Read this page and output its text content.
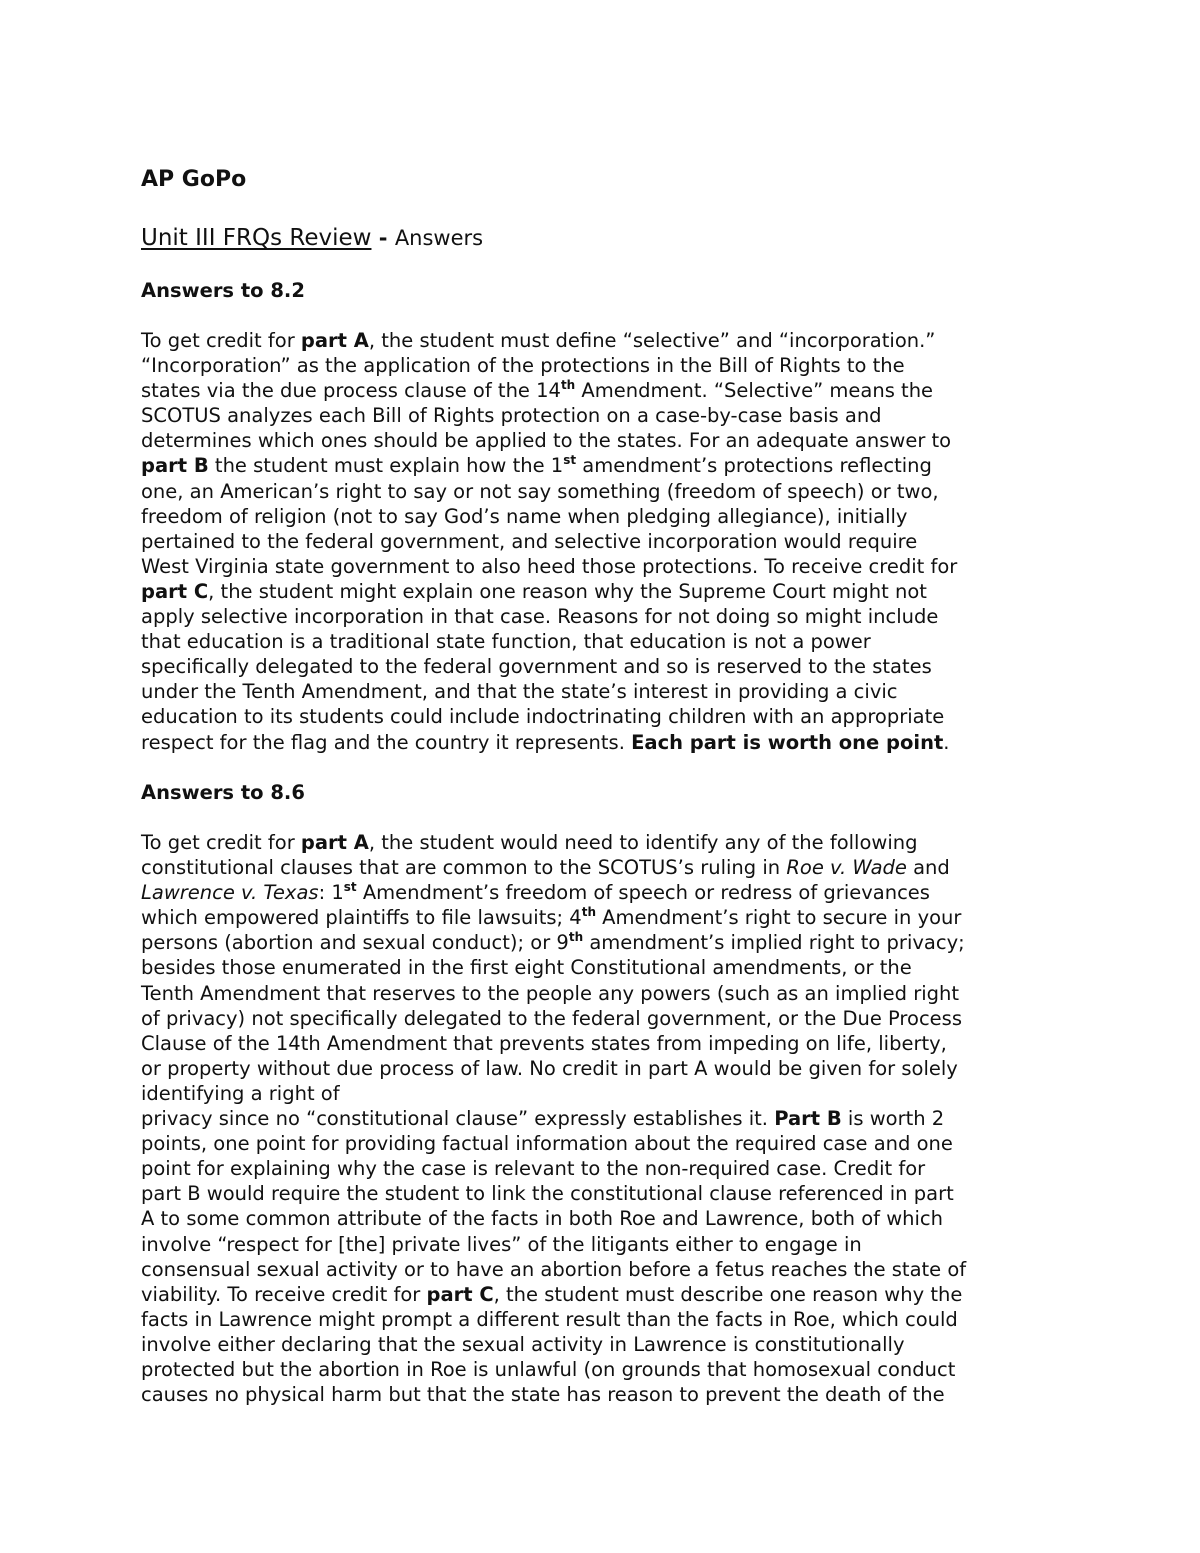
AP GoPo
Unit III FRQs Review - Answers
Answers to 8.2
To get credit for part A, the student must define “selective” and “incorporation.”
“Incorporation” as the application of the protections in the Bill of Rights to the
states via the due process clause of the 14th Amendment. “Selective” means the
SCOTUS analyzes each Bill of Rights protection on a case-by-case basis and
determines which ones should be applied to the states. For an adequate answer to
part B the student must explain how the 1st amendment’s protections reflecting
one, an American’s right to say or not say something (freedom of speech) or two,
freedom of religion (not to say God’s name when pledging allegiance), initially
pertained to the federal government, and selective incorporation would require
West Virginia state government to also heed those protections. To receive credit for
part C, the student might explain one reason why the Supreme Court might not
apply selective incorporation in that case. Reasons for not doing so might include
that education is a traditional state function, that education is not a power
specifically delegated to the federal government and so is reserved to the states
under the Tenth Amendment, and that the state’s interest in providing a civic
education to its students could include indoctrinating children with an appropriate
respect for the flag and the country it represents. Each part is worth one point.
Answers to 8.6
To get credit for part A, the student would need to identify any of the following
constitutional clauses that are common to the SCOTUS’s ruling in Roe v. Wade and
Lawrence v. Texas: 1st Amendment’s freedom of speech or redress of grievances
which empowered plaintiffs to file lawsuits; 4th Amendment’s right to secure in your
persons (abortion and sexual conduct); or 9th amendment’s implied right to privacy;
besides those enumerated in the first eight Constitutional amendments, or the
Tenth Amendment that reserves to the people any powers (such as an implied right
of privacy) not specifically delegated to the federal government, or the Due Process
Clause of the 14th Amendment that prevents states from impeding on life, liberty,
or property without due process of law. No credit in part A would be given for solely
identifying a right of
privacy since no “constitutional clause” expressly establishes it. Part B is worth 2
points, one point for providing factual information about the required case and one
point for explaining why the case is relevant to the non-required case. Credit for
part B would require the student to link the constitutional clause referenced in part
A to some common attribute of the facts in both Roe and Lawrence, both of which
involve “respect for [the] private lives” of the litigants either to engage in
consensual sexual activity or to have an abortion before a fetus reaches the state of
viability. To receive credit for part C, the student must describe one reason why the
facts in Lawrence might prompt a different result than the facts in Roe, which could
involve either declaring that the sexual activity in Lawrence is constitutionally
protected but the abortion in Roe is unlawful (on grounds that homosexual conduct
causes no physical harm but that the state has reason to prevent the death of the
